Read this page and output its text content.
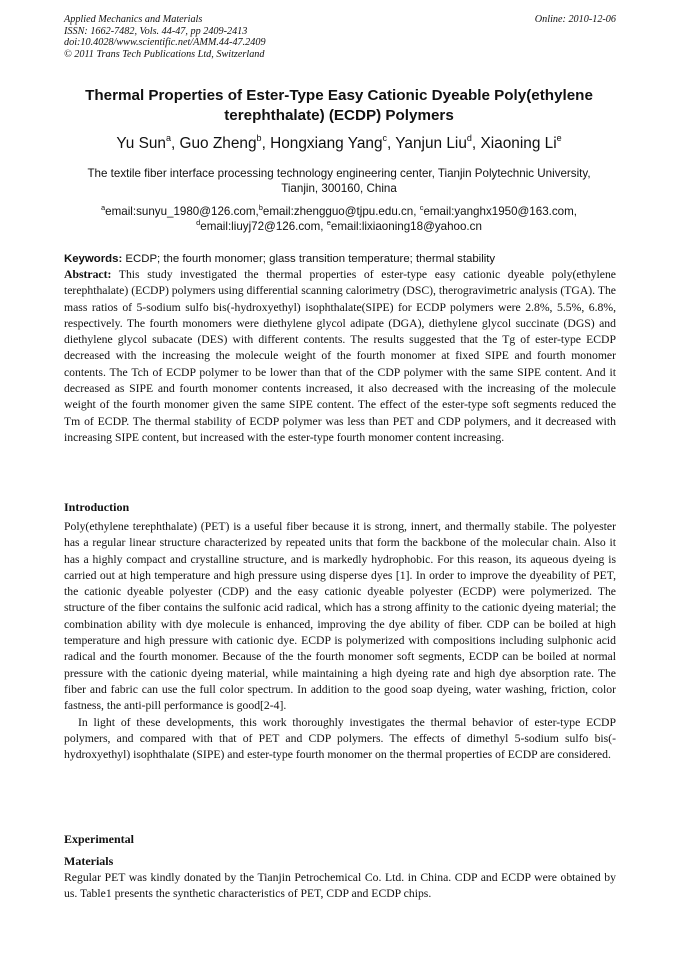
Applied Mechanics and Materials	Online: 2010-12-06
ISSN: 1662-7482, Vols. 44-47, pp 2409-2413
doi:10.4028/www.scientific.net/AMM.44-47.2409
© 2011 Trans Tech Publications Ltd, Switzerland
Thermal Properties of Ester-Type Easy Cationic Dyeable Poly(ethylene
terephthalate) (ECDP) Polymers
Yu Sun$^a$, Guo Zheng$^b$, Hongxiang Yang$^c$, Yanjun Liu$^d$, Xiaoning Li$^e$
The textile fiber interface processing technology engineering center, Tianjin Polytechnic University,
Tianjin, 300160, China
$^a$email:sunyu_1980@126.com,$^b$email:zhengguo@tjpu.edu.cn, $^c$email:yanghx1950@163.com,
$^d$email:liuyj72@126.com, $^e$email:lixiaoning18@yahoo.cn
Keywords: ECDP; the fourth monomer; glass transition temperature; thermal stability
Abstract: This study investigated the thermal properties of ester-type easy cationic dyeable poly(ethylene terephthalate) (ECDP) polymers using differential scanning calorimetry (DSC), therogravimetric analysis (TGA). The mass ratios of 5-sodium sulfo bis(-hydroxyethyl) isophthalate(SIPE) for ECDP polymers were 2.8%, 5.5%, 6.8%, respectively. The fourth monomers were diethylene glycol adipate (DGA), diethylene glycol succinate (DGS) and diethylene glycol subacate (DES) with different contents. The results suggested that the Tg of ester-type ECDP decreased with the increasing the molecule weight of the fourth monomer at fixed SIPE and fourth monomer contents. The Tch of ECDP polymer to be lower than that of the CDP polymer with the same SIPE content. And it decreased as SIPE and fourth monomer contents increased, it also decreased with the increasing of the molecule weight of the fourth monomer given the same SIPE content. The effect of the ester-type soft segments reduced the Tm of ECDP. The thermal stability of ECDP polymer was less than PET and CDP polymers, and it decreased with increasing SIPE content, but increased with the ester-type fourth monomer content increasing.
Introduction

Poly(ethylene terephthalate) (PET) is a useful fiber because it is strong, innert, and thermally stabile. The polyester has a regular linear structure characterized by repeated units that form the backbone of the molecular chain. Also it has a highly compact and crystalline structure, and is markedly hydrophobic. For this reason, its aqueous dyeing is carried out at high temperature and high pressure using disperse dyes [1]. In order to improve the dyeability of PET, the cationic dyeable polyester (CDP) and the easy cationic dyeable polyester (ECDP) were polymerized. The structure of the fiber contains the sulfonic acid radical, which has a strong affinity to the cationic dyeing material; the combination ability with dye molecule is enhanced, improving the dye ability of fiber. CDP can be boiled at high temperature and high pressure with cationic dye. ECDP is polymerized with compositions including sulphonic acid radical and the fourth monomer. Because of the the fourth monomer soft segments, ECDP can be boiled at normal pressure with the cationic dyeing material, while maintaining a high dyeing rate and high dye absorption rate. The fiber and fabric can use the full color spectrum. In addition to the good soap dyeing, water washing, friction, color fastness, the anti-pill performance is good[2-4].

In light of these developments, this work thoroughly investigates the thermal behavior of ester-type ECDP polymers, and compared with that of PET and CDP polymers. The effects of dimethyl 5-sodium sulfo bis(-hydroxyethyl) isophthalate (SIPE) and ester-type fourth monomer on the thermal properties of ECDP are considered.

Experimental
Materials
Regular PET was kindly donated by the Tianjin Petrochemical Co. Ltd. in China. CDP and ECDP were obtained by us. Table1 presents the synthetic characteristics of PET, CDP and ECDP chips.
